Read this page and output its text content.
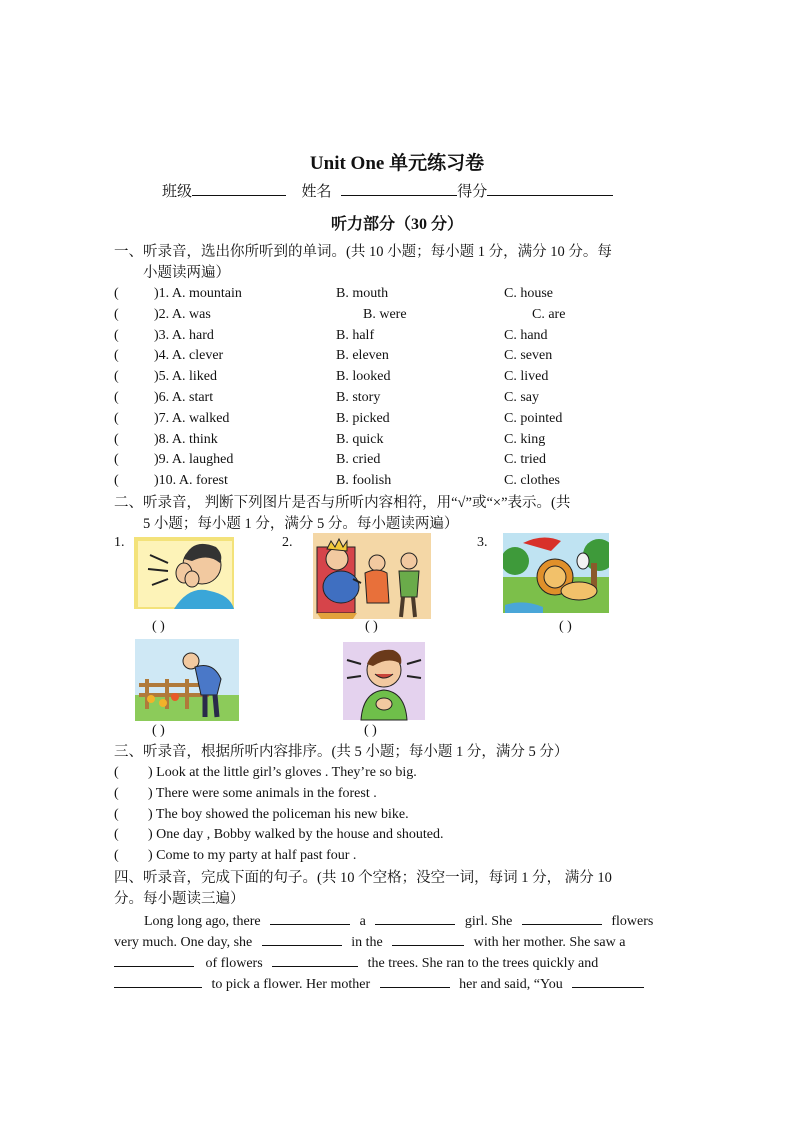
Unit One 单元练习卷
班级	姓名	得分
听力部分（30 分）
一、听录音，选出你所听到的单词。(共 10 小题；每小题 1 分，满分 10 分。每
小题读两遍）
(	)1. A. mountain	B. mouth	C. house
(	)2. A. was	B. were	C. are
(	)3. A. hard	B. half	C. hand
(	)4. A. clever	B. eleven	C. seven
(	)5. A. liked	B. looked	C. lived
(	)6. A. start	B. story	C. say
(	)7. A. walked	B. picked	C. pointed
(	)8. A. think	B. quick	C. king
(	)9. A. laughed	B. cried	C. tried
(	)10. A. forest	B. foolish	C. clothes
二、听录音， 判断下列图片是否与所听内容相符，用“√”或“×”表示。(共
5 小题；每小题 1 分，满分 5 分。每小题读两遍）
1.	2.	3.
( )	( )	( )
( )	( )
三、听录音，根据所听内容排序。(共 5 小题；每小题 1 分，满分 5 分）
( ) Look at the little girl’s gloves . They’re so big.
( ) There were some animals in the forest .
( ) The boy showed the policeman his new bike.
( ) One day , Bobby walked by the house and shouted.
( ) Come to my party at half past four .
四、听录音，完成下面的句子。(共 10 个空格；没空一词，每词 1 分， 满分 10
分。每小题读三遍）
Long long ago, there	a	girl. She	flowers
very much. One day, she	in the	with her mother. She saw a
of flowers	the trees. She ran to the trees quickly and
to pick a flower. Her mother	her and said, “You
